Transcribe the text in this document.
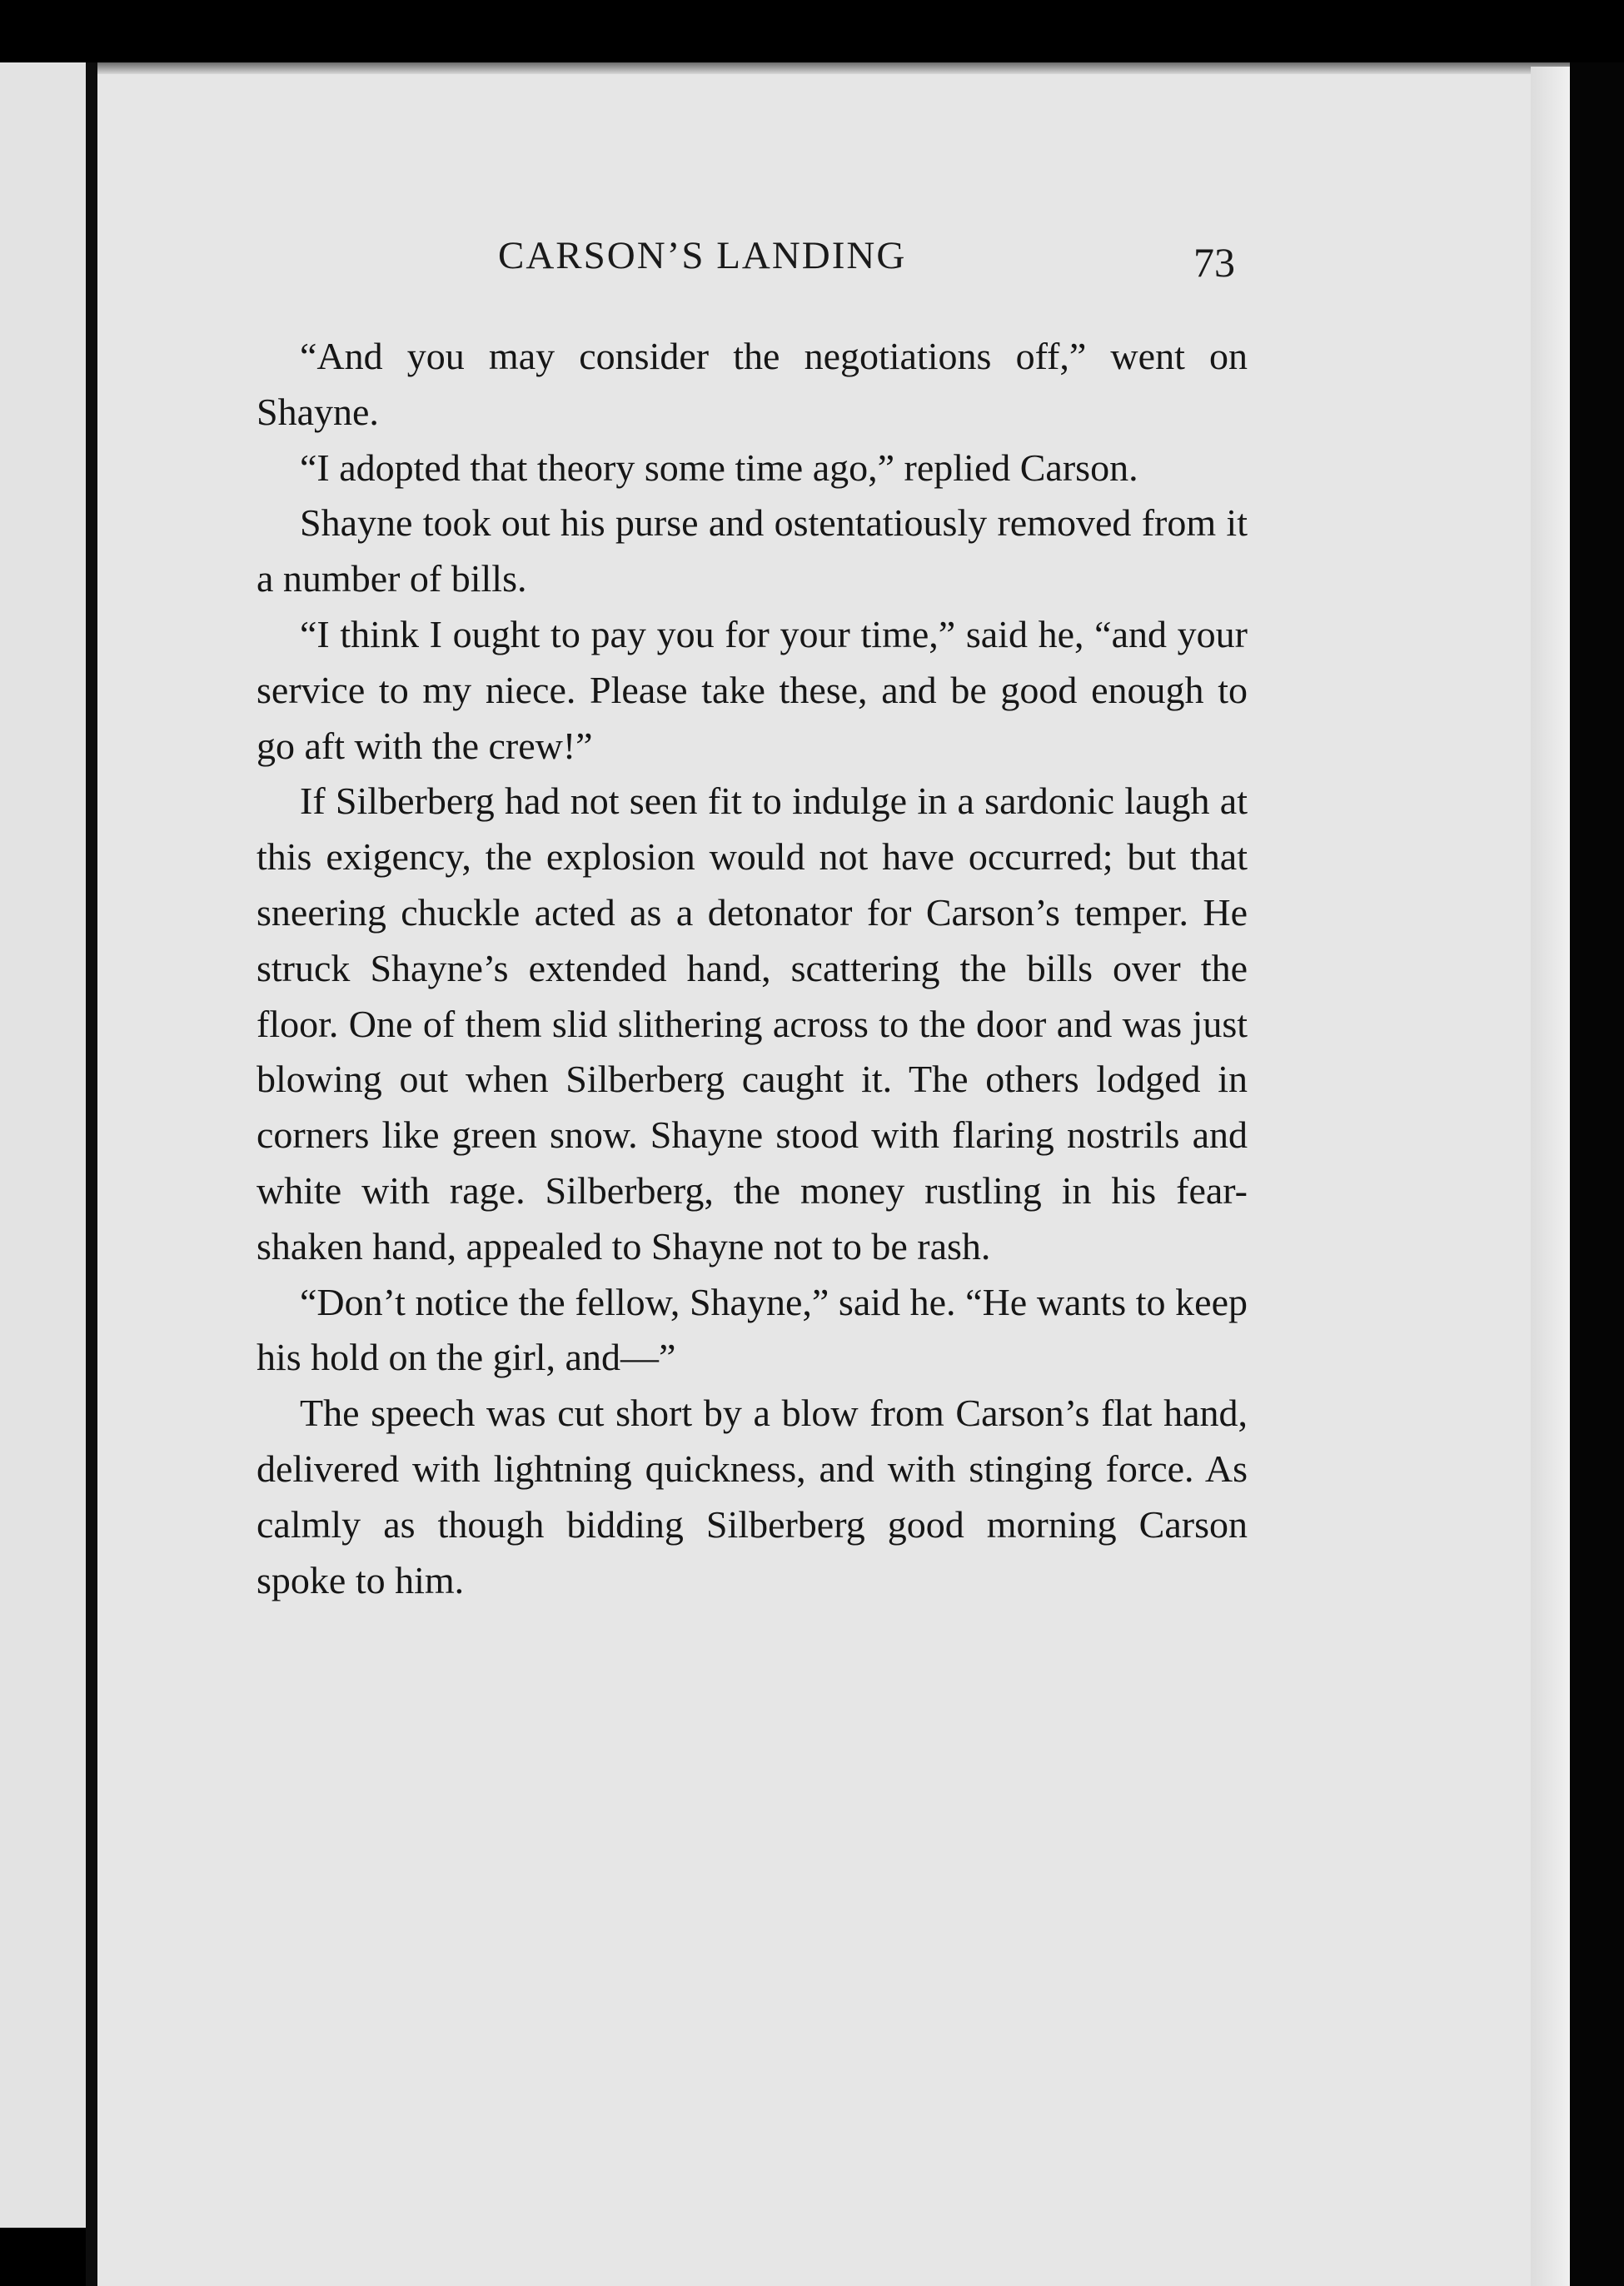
CARSON’S LANDING	73

“And you may consider the negotiations off,” went on Shayne.

“I adopted that theory some time ago,” replied Carson.

Shayne took out his purse and ostentatiously removed from it a number of bills.

“I think I ought to pay you for your time,” said he, “and your service to my niece. Please take these, and be good enough to go aft with the crew!”

If Silberberg had not seen fit to indulge in a sardonic laugh at this exigency, the explosion would not have occurred; but that sneering chuckle acted as a detonator for Carson’s temper. He struck Shayne’s extended hand, scattering the bills over the floor. One of them slid slithering across to the door and was just blowing out when Silberberg caught it. The others lodged in corners like green snow. Shayne stood with flaring nostrils and white with rage. Silberberg, the money rustling in his fear-shaken hand, appealed to Shayne not to be rash.

“Don’t notice the fellow, Shayne,” said he. “He wants to keep his hold on the girl, and—”

The speech was cut short by a blow from Carson’s flat hand, delivered with lightning quickness, and with stinging force. As calmly as though bidding Silberberg good morning Carson spoke to him.
